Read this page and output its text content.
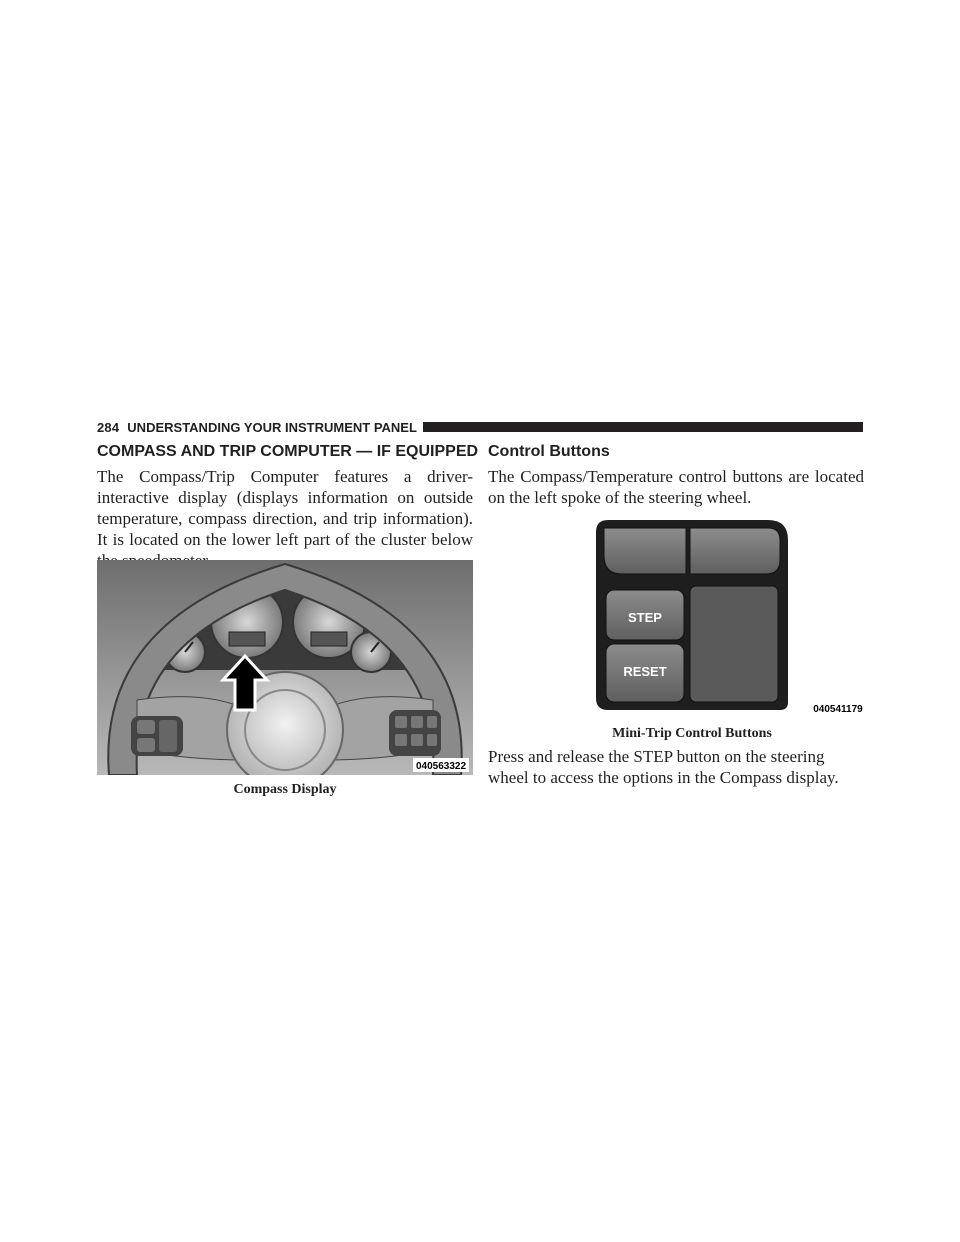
284 UNDERSTANDING YOUR INSTRUMENT PANEL
COMPASS AND TRIP COMPUTER — IF EQUIPPED

The Compass/Trip Computer features a driver-interactive display (displays information on outside temperature, compass direction, and trip information). It is located on the lower left part of the cluster below

040563322
Compass Display
Control Buttons

The Compass/Temperature control buttons are located on the left spoke of the steering wheel.

STEP
RESET
040541179
Mini-Trip Control Buttons

Press and release the STEP button on the steering wheel to access the options in the Compass display.
